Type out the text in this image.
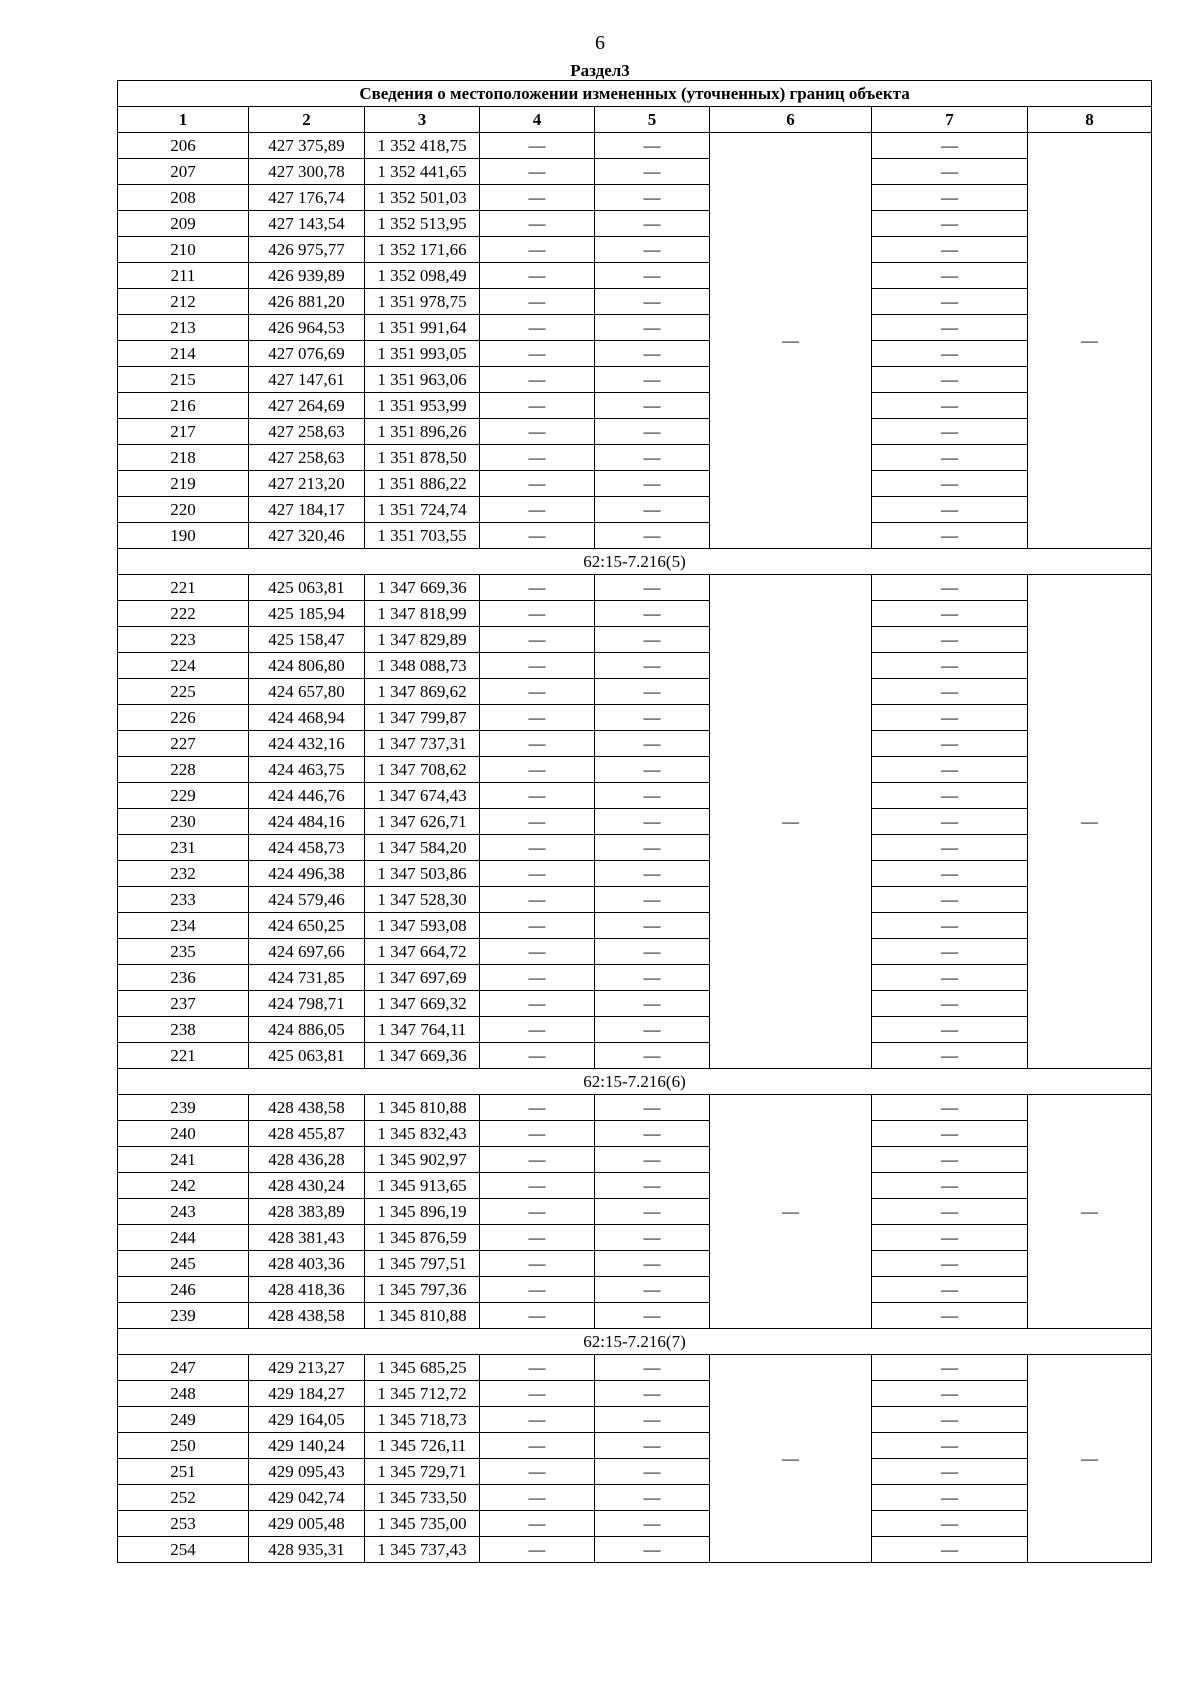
6
Раздел3
Сведения о местоположении измененных (уточненных) границ объекта							
1	2	3	4	5	6	7	8
206	427 375,89	1 352 418,75	—	—	—	—	—
207	427 300,78	1 352 441,65	—	—		—	
208	427 176,74	1 352 501,03	—	—		—	
209	427 143,54	1 352 513,95	—	—		—	
210	426 975,77	1 352 171,66	—	—		—	
211	426 939,89	1 352 098,49	—	—		—	
212	426 881,20	1 351 978,75	—	—		—	
213	426 964,53	1 351 991,64	—	—		—	
214	427 076,69	1 351 993,05	—	—		—	
215	427 147,61	1 351 963,06	—	—		—	
216	427 264,69	1 351 953,99	—	—		—	
217	427 258,63	1 351 896,26	—	—		—	
218	427 258,63	1 351 878,50	—	—		—	
219	427 213,20	1 351 886,22	—	—		—	
220	427 184,17	1 351 724,74	—	—		—	
190	427 320,46	1 351 703,55	—	—		—	
62:15-7.216(5)							
221	425 063,81	1 347 669,36	—	—	—	—	—
222	425 185,94	1 347 818,99	—	—		—	
223	425 158,47	1 347 829,89	—	—		—	
224	424 806,80	1 348 088,73	—	—		—	
225	424 657,80	1 347 869,62	—	—		—	
226	424 468,94	1 347 799,87	—	—		—	
227	424 432,16	1 347 737,31	—	—		—	
228	424 463,75	1 347 708,62	—	—		—	
229	424 446,76	1 347 674,43	—	—		—	
230	424 484,16	1 347 626,71	—	—		—	
231	424 458,73	1 347 584,20	—	—		—	
232	424 496,38	1 347 503,86	—	—		—	
233	424 579,46	1 347 528,30	—	—		—	
234	424 650,25	1 347 593,08	—	—		—	
235	424 697,66	1 347 664,72	—	—		—	
236	424 731,85	1 347 697,69	—	—		—	
237	424 798,71	1 347 669,32	—	—		—	
238	424 886,05	1 347 764,11	—	—		—	
221	425 063,81	1 347 669,36	—	—		—	
62:15-7.216(6)							
239	428 438,58	1 345 810,88	—	—	—	—	—
240	428 455,87	1 345 832,43	—	—		—	
241	428 436,28	1 345 902,97	—	—		—	
242	428 430,24	1 345 913,65	—	—		—	
243	428 383,89	1 345 896,19	—	—		—	
244	428 381,43	1 345 876,59	—	—		—	
245	428 403,36	1 345 797,51	—	—		—	
246	428 418,36	1 345 797,36	—	—		—	
239	428 438,58	1 345 810,88	—	—		—	
62:15-7.216(7)							
247	429 213,27	1 345 685,25	—	—	—	—	—
248	429 184,27	1 345 712,72	—	—		—	
249	429 164,05	1 345 718,73	—	—		—	
250	429 140,24	1 345 726,11	—	—		—	
251	429 095,43	1 345 729,71	—	—		—	
252	429 042,74	1 345 733,50	—	—		—	
253	429 005,48	1 345 735,00	—	—		—	
254	428 935,31	1 345 737,43	—	—		—	
